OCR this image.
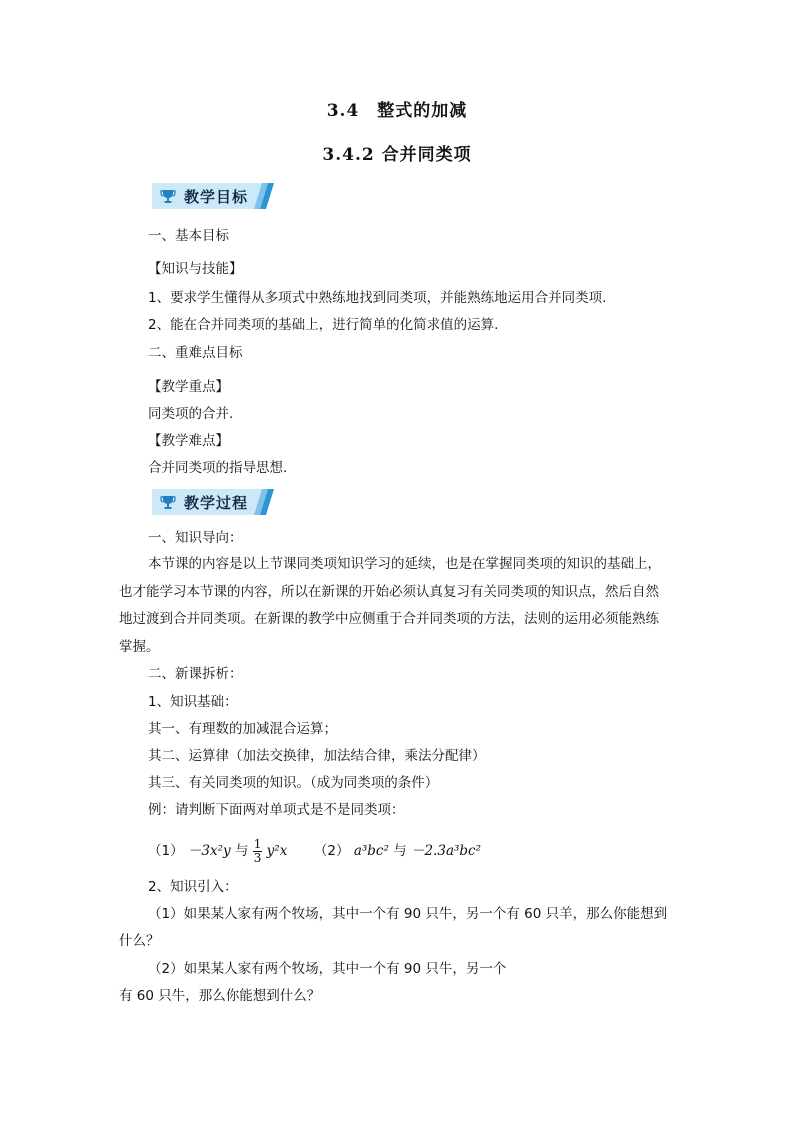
3.4　整式的加减
3.4.2 合并同类项
教学目标
一、基本目标
【知识与技能】
1、要求学生懂得从多项式中熟练地找到同类项，并能熟练地运用合并同类项.
2、能在合并同类项的基础上，进行简单的化简求值的运算.
二、重难点目标
【教学重点】
同类项的合并.
【教学难点】
合并同类项的指导思想.
教学过程
一、知识导向：
本节课的内容是以上节课同类项知识学习的延续，也是在掌握同类项的知识的基础上，
也才能学习本节课的内容，所以在新课的开始必须认真复习有关同类项的知识点，然后自然
地过渡到合并同类项。在新课的教学中应侧重于合并同类项的方法，法则的运用必须能熟练
掌握。
二、新课拆析：
1、知识基础：
其一、有理数的加减混合运算；
其二、运算律（加法交换律，加法结合律，乘法分配律）
其三、有关同类项的知识。（成为同类项的条件）
例：请判断下面两对单项式是不是同类项：
（1） －3x²y 与 $\frac{1}{3} y^2x$ （2） a³bc² 与 －2.3a³bc²
2、知识引入：
（1）如果某人家有两个牧场，其中一个有 90 只牛，另一个有 60 只羊，那么你能想到
什么？
（2）如果某人家有两个牧场，其中一个有 90 只牛，另一个
有 60 只牛，那么你能想到什么？
